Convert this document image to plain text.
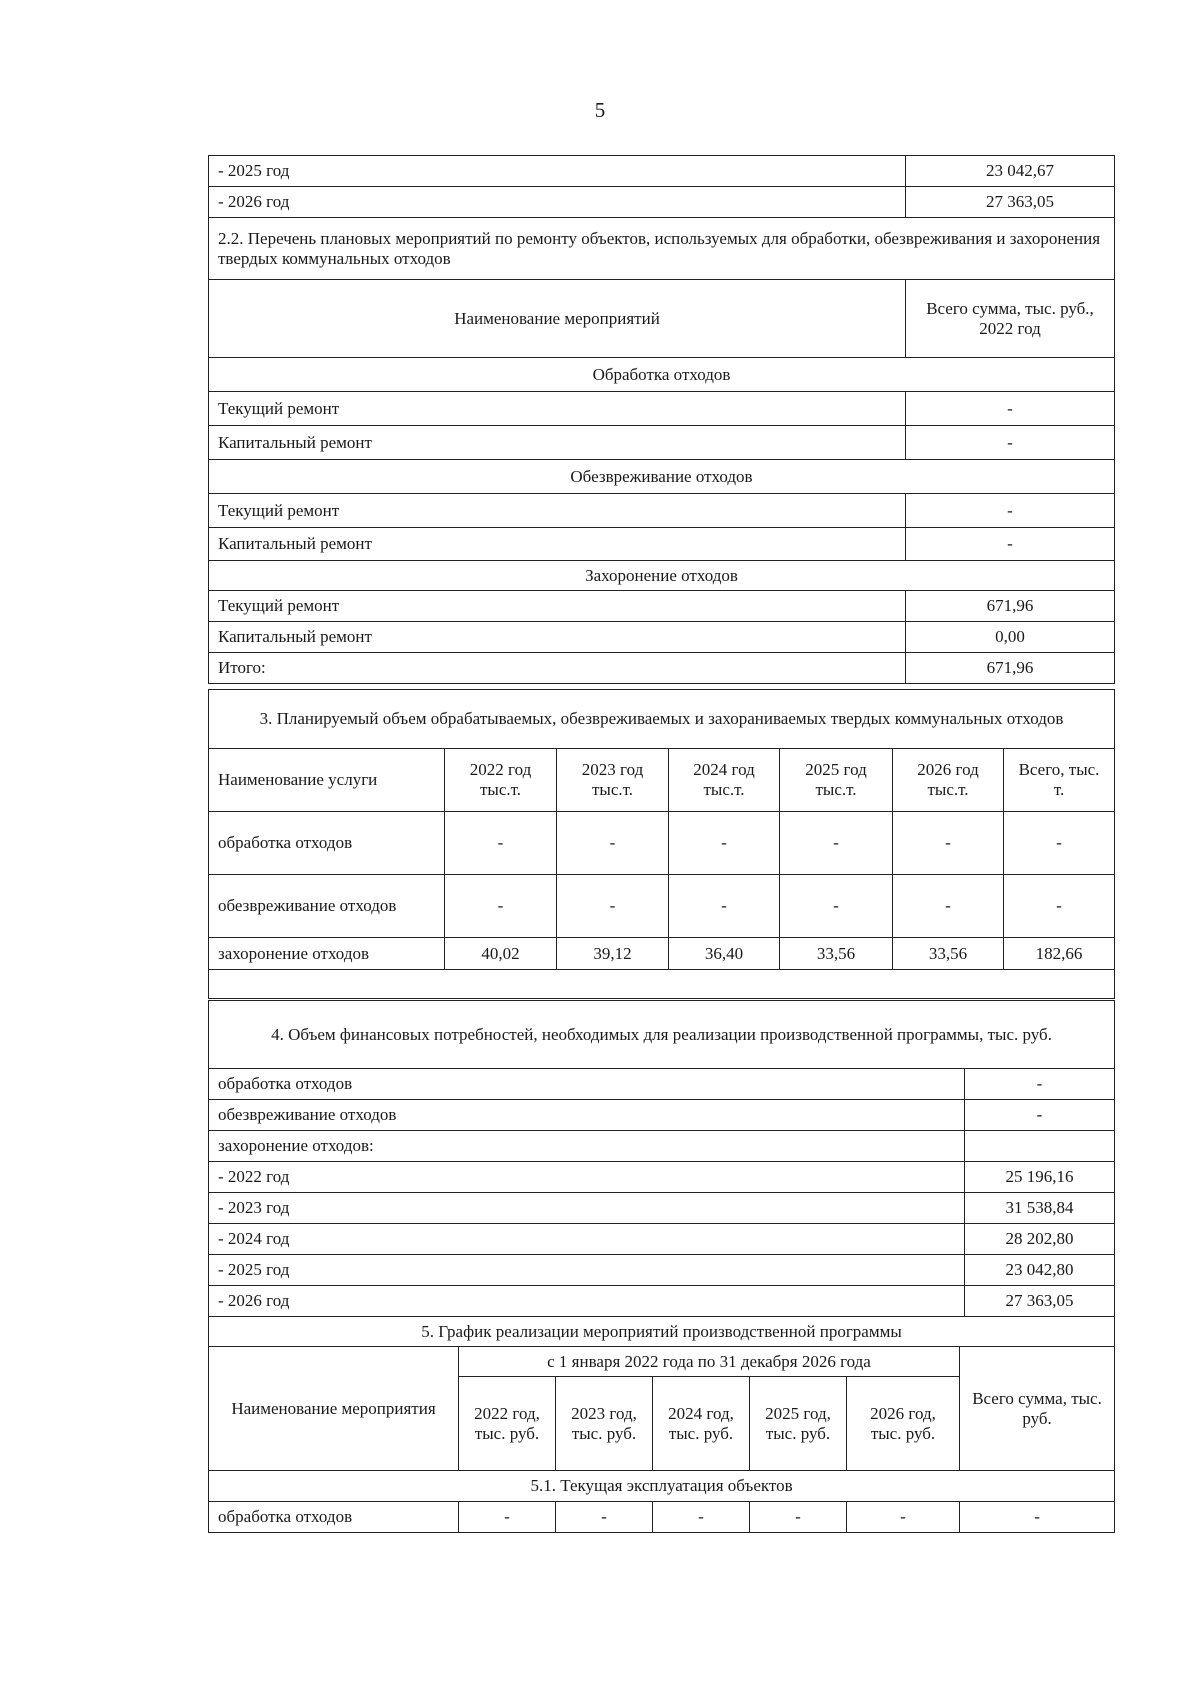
5
- 2025 год	23 042,67
- 2026 год	27 363,05
2.2. Перечень плановых мероприятий по ремонту объектов, используемых для обработки, обезвреживания и захоронения твердых коммунальных отходов	
Наименование мероприятий	Всего сумма, тыс. руб., 2022 год
Обработка отходов	
Текущий ремонт	-
Капитальный ремонт	-
Обезвреживание отходов	
Текущий ремонт	-
Капитальный ремонт	-
Захоронение отходов	
Текущий ремонт	671,96
Капитальный ремонт	0,00
Итого:	671,96
3. Планируемый объем обрабатываемых, обезвреживаемых и захораниваемых твердых коммунальных отходов						
Наименование услуги	2022 год тыс.т.	2023 год тыс.т.	2024 год тыс.т.	2025 год тыс.т.	2026 год тыс.т.	Всего, тыс. т.
обработка отходов	-	-	-	-	-	-
обезвреживание отходов	-	-	-	-	-	-
захоронение отходов	40,02	39,12	36,40	33,56	33,56	182,66

4. Объем финансовых потребностей, необходимых для реализации производственной программы, тыс. руб.	
обработка отходов	-
обезвреживание отходов	-
захоронение отходов:	
- 2022 год	25 196,16
- 2023 год	31 538,84
- 2024 год	28 202,80
- 2025 год	23 042,80
- 2026 год	27 363,05
5. График реализации мероприятий производственной программы						
Наименование мероприятия	с 1 января 2022 года по 31 декабря 2026 года					Всего сумма, тыс. руб.
	2022 год, тыс. руб.	2023 год, тыс. руб.	2024 год, тыс. руб.	2025 год, тыс. руб.	2026 год, тыс. руб.	
5.1. Текущая эксплуатация объектов						
обработка отходов	-	-	-	-	-	-
